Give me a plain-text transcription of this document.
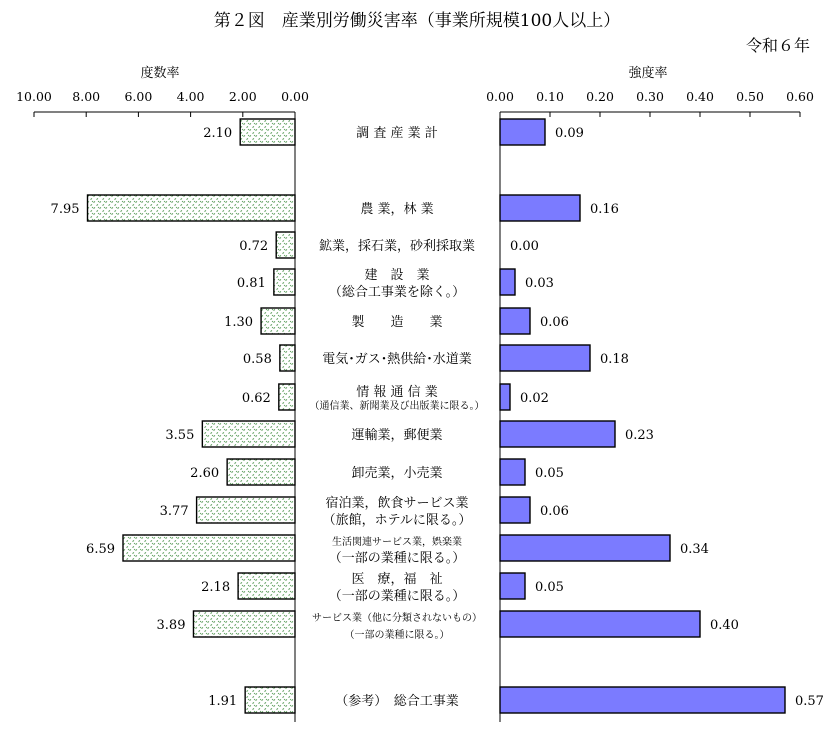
第２図　産業別労働災害率（事業所規模100人以上）
令和６年
度数率
10.00 8.00 6.00 4.00 2.00 0.00
2.10
7.95
0.72
0.81
1.30
0.58
0.62
3.55
2.60
3.77
6.59
2.18
3.89
1.91
強度率
0.00 0.10 0.20 0.30 0.40 0.50 0.60
0.09
0.16
0.00
0.03
0.06
0.18
0.02
0.23
0.05
0.06
0.34
0.05
0.40
0.57
調 査 産 業 計
農 業，林 業
鉱業，採石業，砂利採取業
建　設　業
（総合工事業を除く。）
製　　造　　業
電気･ガス･熱供給･水道業
情 報 通 信 業
（通信業、新聞業及び出版業に限る。）
運輸業，郵便業
卸売業，小売業
宿泊業，飲食サービス業
（旅館，ホテルに限る。）
生活関連サービス業，娯楽業
（一部の業種に限る。）
医　療，福　祉
（一部の業種に限る。）
サービス業（他に分類されないもの）
（一部の業種に限る。）
（参考）　総合工事業
